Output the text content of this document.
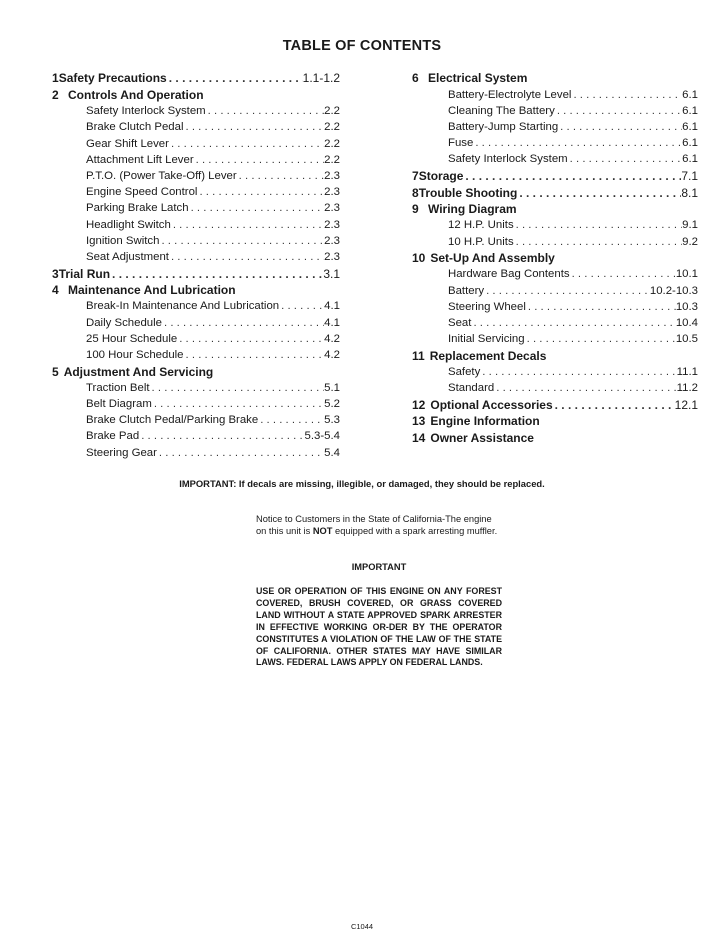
TABLE OF CONTENTS
1 Safety Precautions . . .	1.1-1.2
2 Controls And Operation
Safety Interlock System . . .	2.2
Brake Clutch Pedal . . .	2.2
Gear Shift Lever . . .	2.2
Attachment Lift Lever . . .	2.2
P.T.O. (Power Take-Off) Lever . . .	2.3
Engine Speed Control . . .	2.3
Parking Brake Latch . . .	2.3
Headlight Switch . . .	2.3
Ignition Switch . . .	2.3
Seat Adjustment . . .	2.3
3 Trial Run . . .	3.1
4 Maintenance And Lubrication
Break-In Maintenance And Lubrication . . .	4.1
Daily Schedule . . .	4.1
25 Hour Schedule . . .	4.2
100 Hour Schedule . . .	4.2
5 Adjustment And Servicing
Traction Belt . . .	5.1
Belt Diagram . . .	5.2
Brake Clutch Pedal/Parking Brake . . .	5.3
Brake Pad . . .	5.3-5.4
Steering Gear . . .	5.4
6 Electrical System
Battery-Electrolyte Level . . .	6.1
Cleaning The Battery . . .	6.1
Battery-Jump Starting . . .	6.1
Fuse . . .	6.1
Safety Interlock System . . .	6.1
7 Storage . . .	7.1
8 Trouble Shooting . . .	8.1
9 Wiring Diagram
12 H.P. Units . . .	9.1
10 H.P. Units . . .	9.2
10 Set-Up And Assembly
Hardware Bag Contents . . .	10.1
Battery . . .	10.2-10.3
Steering Wheel . . .	10.3
Seat . . .	10.4
Initial Servicing . . .	10.5
11 Replacement Decals
Safety . . .	11.1
Standard . . .	11.2
12 Optional Accessories . . .	12.1
13 Engine Information
14 Owner Assistance
IMPORTANT: If decals are missing, illegible, or damaged, they should be replaced.
Notice to Customers in the State of California-The engine on this unit is NOT equipped with a spark arresting muffler.
IMPORTANT
USE OR OPERATION OF THIS ENGINE ON ANY FOREST COVERED, BRUSH COVERED, OR GRASS COVERED LAND WITHOUT A STATE APPROVED SPARK ARRESTER IN EFFECTIVE WORKING OR-DER BY THE OPERATOR CONSTITUTES A VIOLATION OF THE LAW OF THE STATE OF CALIFORNIA. OTHER STATES MAY HAVE SIMILAR LAWS. FEDERAL LAWS APPLY ON FEDERAL LANDS.
C1044
